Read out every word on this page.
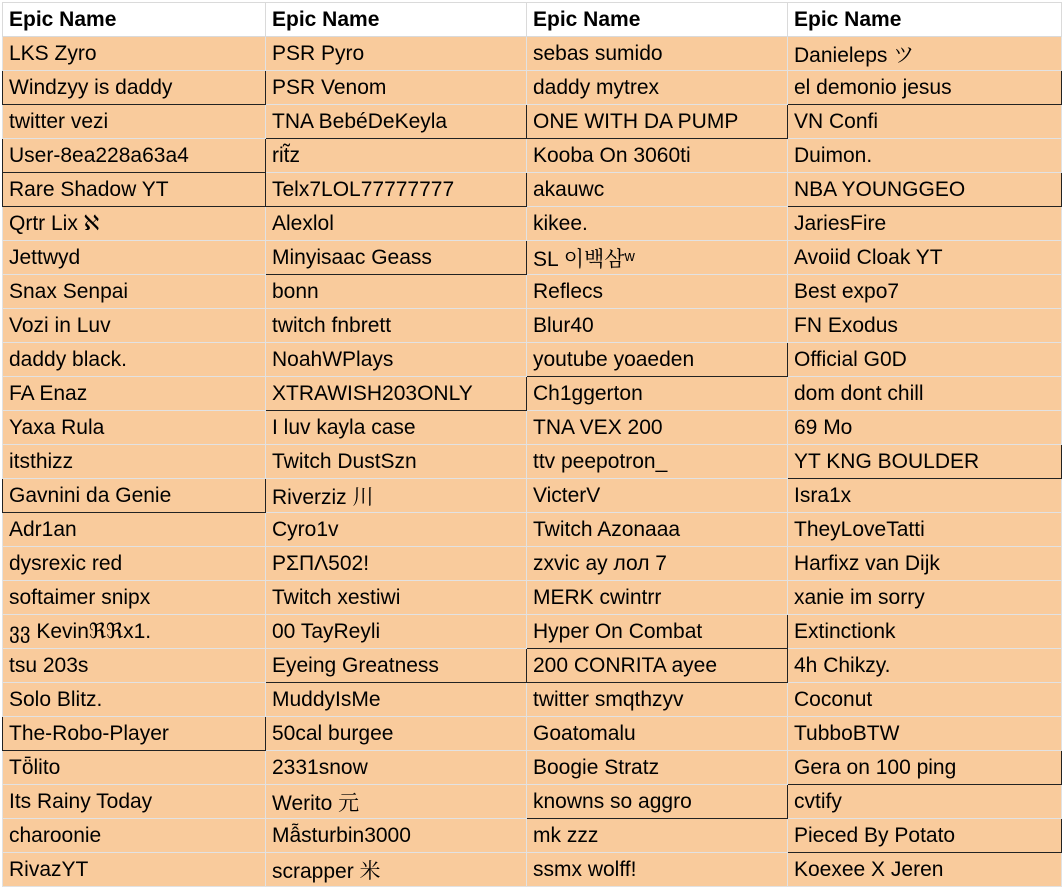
Epic Name	Epic Name	Epic Name	Epic Name
LKS Zyro	PSR Pyro	sebas sumido	Danieleps ツ
Windzyy is daddy	PSR Venom	daddy mytrex	el demonio jesus
twitter vezi	TNA BebéDeKeyla	ONE WITH DA PUMP	VN Confi
User-8ea228a63a4	rit̃z	Kooba On 3060ti	Duimon.
Rare Shadow YT	Telx7LOL77777777	akauwc	NBA YOUNGGEO
Qrtr Lix ℵ	Alexlol	kikee.	JariesFire
Jettwyd	Minyisaac Geass	SL 이백삼ʷ	Avoiid Cloak YT
Snax Senpai	bonn	Reflecs	Best expo7
Vozi in Luv	twitch fnbrett	Blur40	FN Exodus
daddy black.	NoahWPlays	youtube yoaeden	Official G0D
FA Enaz	XTRAWISH203ONLY	Ch1ggerton	dom dont chill
Yaxa Rula	I luv kayla case	TNA VEX 200	69 Mo
itsthizz	Twitch DustSzn	ttv peepotron_	YT KNG BOULDER
Gavnini da Genie	Riverziz 川	VicterV	Isra1x
Adr1an	Cyro1v	Twitch Azonaaa	TheyLoveTatti
dysrexic red	PΣΠΛ502!	zxvic ay лол 7	Harfixz van Dijk
softaimer snipx	Twitch xestiwi	MERK cwintrr	xanie im sorry
ვვ Kevinℜℜx1.	00 TayReyli	Hyper On Combat	Extinctionk
tsu 203s	Eyeing Greatness	200 CONRITA ayee	4h Chikzy.
Solo Blitz.	MuddyIsMe	twitter smqthzyv	Coconut
The-Robo-Player	50cal burgee	Goatomalu	TubboBTW
Tȫlito	2331snow	Boogie Stratz	Gera on 100 ping
Its Rainy Today	Werito 元	knowns so aggro	cvtify
charoonie	Mẫsturbin3000	mk zzz	Pieced By Potato
RivazYT	scrapper 米	ssmx wolff!	Koexee X Jeren
